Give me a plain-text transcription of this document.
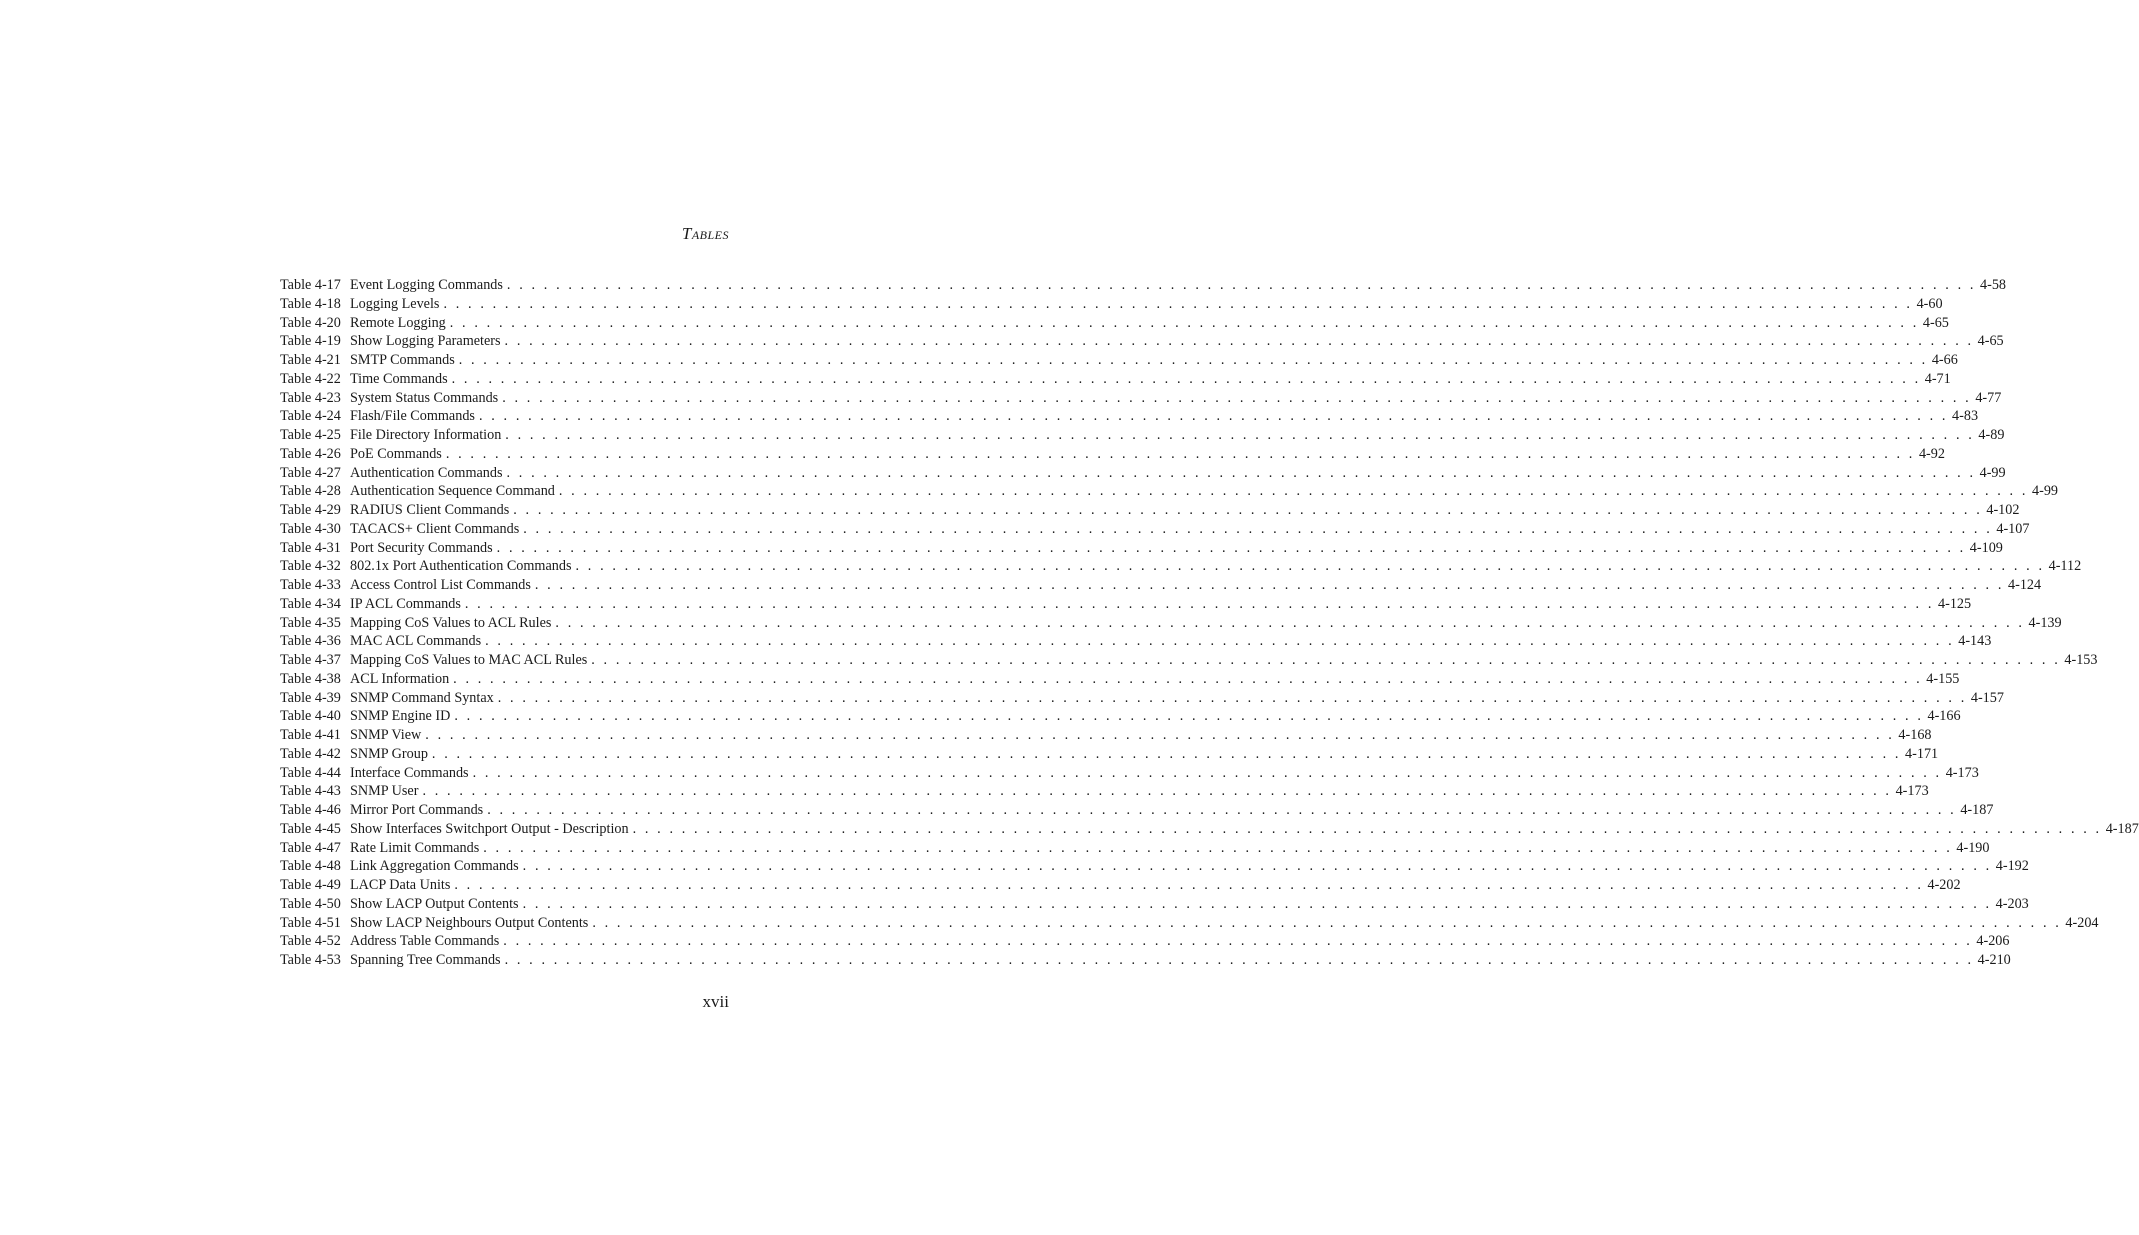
Tables
Table 4-17 Event Logging Commands . . . . . . . . . . . . . . . . . . . . . . . . . . . . . . . . . . . . . . . . . . . . . . . . . . . . . . . . . . . . . . . . . . . . . . . . . . . . . . . . . . . . . . . . . . . . . . . . . . . . . . . . . . . . . . . . . . . . . . . . 4-58
Table 4-18 Logging Levels . . . . . . . . . . . . . . . . . . . . . . . . . . . . . . . . . . . . . . . . . . . . . . . . . . . . . . . . . . . . . . . . . . . . . . . . . . . . . . . . . . . . . . . . . . . . . . . . . . . . . . . . . . . . . . . . . . . . . . . . 4-60
Table 4-20 Remote Logging . . . . . . . . . . . . . . . . . . . . . . . . . . . . . . . . . . . . . . . . . . . . . . . . . . . . . . . . . . . . . . . . . . . . . . . . . . . . . . . . . . . . . . . . . . . . . . . . . . . . . . . . . . . . . . . . . . . . . . . . 4-65
Table 4-19 Show Logging Parameters . . . . . . . . . . . . . . . . . . . . . . . . . . . . . . . . . . . . . . . . . . . . . . . . . . . . . . . . . . . . . . . . . . . . . . . . . . . . . . . . . . . . . . . . . . . . . . . . . . . . . . . . . . . . . . . . . . . . . . . . 4-65
Table 4-21 SMTP Commands . . . . . . . . . . . . . . . . . . . . . . . . . . . . . . . . . . . . . . . . . . . . . . . . . . . . . . . . . . . . . . . . . . . . . . . . . . . . . . . . . . . . . . . . . . . . . . . . . . . . . . . . . . . . . . . . . . . . . . . . 4-66
Table 4-22 Time Commands . . . . . . . . . . . . . . . . . . . . . . . . . . . . . . . . . . . . . . . . . . . . . . . . . . . . . . . . . . . . . . . . . . . . . . . . . . . . . . . . . . . . . . . . . . . . . . . . . . . . . . . . . . . . . . . . . . . . . . . . 4-71
Table 4-23 System Status Commands . . . . . . . . . . . . . . . . . . . . . . . . . . . . . . . . . . . . . . . . . . . . . . . . . . . . . . . . . . . . . . . . . . . . . . . . . . . . . . . . . . . . . . . . . . . . . . . . . . . . . . . . . . . . . . . . . . . . . . . . 4-77
Table 4-24 Flash/File Commands . . . . . . . . . . . . . . . . . . . . . . . . . . . . . . . . . . . . . . . . . . . . . . . . . . . . . . . . . . . . . . . . . . . . . . . . . . . . . . . . . . . . . . . . . . . . . . . . . . . . . . . . . . . . . . . . . . . . . . . . 4-83
Table 4-25 File Directory Information . . . . . . . . . . . . . . . . . . . . . . . . . . . . . . . . . . . . . . . . . . . . . . . . . . . . . . . . . . . . . . . . . . . . . . . . . . . . . . . . . . . . . . . . . . . . . . . . . . . . . . . . . . . . . . . . . . . . . . . . 4-89
Table 4-26 PoE Commands . . . . . . . . . . . . . . . . . . . . . . . . . . . . . . . . . . . . . . . . . . . . . . . . . . . . . . . . . . . . . . . . . . . . . . . . . . . . . . . . . . . . . . . . . . . . . . . . . . . . . . . . . . . . . . . . . . . . . . . . 4-92
Table 4-27 Authentication Commands . . . . . . . . . . . . . . . . . . . . . . . . . . . . . . . . . . . . . . . . . . . . . . . . . . . . . . . . . . . . . . . . . . . . . . . . . . . . . . . . . . . . . . . . . . . . . . . . . . . . . . . . . . . . . . . . . . . . . . . . 4-99
Table 4-28 Authentication Sequence Command . . . . . . . . . . . . . . . . . . . . . . . . . . . . . . . . . . . . . . . . . . . . . . . . . . . . . . . . . . . . . . . . . . . . . . . . . . . . . . . . . . . . . . . . . . . . . . . . . . . . . . . . . . . . . . . . . . . . . . . . 4-99
Table 4-29 RADIUS Client Commands . . . . . . . . . . . . . . . . . . . . . . . . . . . . . . . . . . . . . . . . . . . . . . . . . . . . . . . . . . . . . . . . . . . . . . . . . . . . . . . . . . . . . . . . . . . . . . . . . . . . . . . . . . . . . . . . . . . . . . . . 4-102
Table 4-30 TACACS+ Client Commands . . . . . . . . . . . . . . . . . . . . . . . . . . . . . . . . . . . . . . . . . . . . . . . . . . . . . . . . . . . . . . . . . . . . . . . . . . . . . . . . . . . . . . . . . . . . . . . . . . . . . . . . . . . . . . . . . . . . . . . . 4-107
Table 4-31 Port Security Commands . . . . . . . . . . . . . . . . . . . . . . . . . . . . . . . . . . . . . . . . . . . . . . . . . . . . . . . . . . . . . . . . . . . . . . . . . . . . . . . . . . . . . . . . . . . . . . . . . . . . . . . . . . . . . . . . . . . . . . . . 4-109
Table 4-32 802.1x Port Authentication Commands . . . . . . . . . . . . . . . . . . . . . . . . . . . . . . . . . . . . . . . . . . . . . . . . . . . . . . . . . . . . . . . . . . . . . . . . . . . . . . . . . . . . . . . . . . . . . . . . . . . . . . . . . . . . . . . . . . . . . . . . 4-112
Table 4-33 Access Control List Commands . . . . . . . . . . . . . . . . . . . . . . . . . . . . . . . . . . . . . . . . . . . . . . . . . . . . . . . . . . . . . . . . . . . . . . . . . . . . . . . . . . . . . . . . . . . . . . . . . . . . . . . . . . . . . . . . . . . . . . . . 4-124
Table 4-34 IP ACL Commands . . . . . . . . . . . . . . . . . . . . . . . . . . . . . . . . . . . . . . . . . . . . . . . . . . . . . . . . . . . . . . . . . . . . . . . . . . . . . . . . . . . . . . . . . . . . . . . . . . . . . . . . . . . . . . . . . . . . . . . . 4-125
Table 4-35 Mapping CoS Values to ACL Rules . . . . . . . . . . . . . . . . . . . . . . . . . . . . . . . . . . . . . . . . . . . . . . . . . . . . . . . . . . . . . . . . . . . . . . . . . . . . . . . . . . . . . . . . . . . . . . . . . . . . . . . . . . . . . . . . . . . . . . . . 4-139
Table 4-36 MAC ACL Commands . . . . . . . . . . . . . . . . . . . . . . . . . . . . . . . . . . . . . . . . . . . . . . . . . . . . . . . . . . . . . . . . . . . . . . . . . . . . . . . . . . . . . . . . . . . . . . . . . . . . . . . . . . . . . . . . . . . . . . . . 4-143
Table 4-37 Mapping CoS Values to MAC ACL Rules . . . . . . . . . . . . . . . . . . . . . . . . . . . . . . . . . . . . . . . . . . . . . . . . . . . . . . . . . . . . . . . . . . . . . . . . . . . . . . . . . . . . . . . . . . . . . . . . . . . . . . . . . . . . . . . . . . . . . . . . 4-153
Table 4-38 ACL Information . . . . . . . . . . . . . . . . . . . . . . . . . . . . . . . . . . . . . . . . . . . . . . . . . . . . . . . . . . . . . . . . . . . . . . . . . . . . . . . . . . . . . . . . . . . . . . . . . . . . . . . . . . . . . . . . . . . . . . . . 4-155
Table 4-39 SNMP Command Syntax . . . . . . . . . . . . . . . . . . . . . . . . . . . . . . . . . . . . . . . . . . . . . . . . . . . . . . . . . . . . . . . . . . . . . . . . . . . . . . . . . . . . . . . . . . . . . . . . . . . . . . . . . . . . . . . . . . . . . . . . 4-157
Table 4-40 SNMP Engine ID . . . . . . . . . . . . . . . . . . . . . . . . . . . . . . . . . . . . . . . . . . . . . . . . . . . . . . . . . . . . . . . . . . . . . . . . . . . . . . . . . . . . . . . . . . . . . . . . . . . . . . . . . . . . . . . . . . . . . . . . 4-166
Table 4-41 SNMP View . . . . . . . . . . . . . . . . . . . . . . . . . . . . . . . . . . . . . . . . . . . . . . . . . . . . . . . . . . . . . . . . . . . . . . . . . . . . . . . . . . . . . . . . . . . . . . . . . . . . . . . . . . . . . . . . . . . . . . . . 4-168
Table 4-42 SNMP Group . . . . . . . . . . . . . . . . . . . . . . . . . . . . . . . . . . . . . . . . . . . . . . . . . . . . . . . . . . . . . . . . . . . . . . . . . . . . . . . . . . . . . . . . . . . . . . . . . . . . . . . . . . . . . . . . . . . . . . . . 4-171
Table 4-44 Interface Commands . . . . . . . . . . . . . . . . . . . . . . . . . . . . . . . . . . . . . . . . . . . . . . . . . . . . . . . . . . . . . . . . . . . . . . . . . . . . . . . . . . . . . . . . . . . . . . . . . . . . . . . . . . . . . . . . . . . . . . . . 4-173
Table 4-43 SNMP User . . . . . . . . . . . . . . . . . . . . . . . . . . . . . . . . . . . . . . . . . . . . . . . . . . . . . . . . . . . . . . . . . . . . . . . . . . . . . . . . . . . . . . . . . . . . . . . . . . . . . . . . . . . . . . . . . . . . . . . . 4-173
Table 4-46 Mirror Port Commands . . . . . . . . . . . . . . . . . . . . . . . . . . . . . . . . . . . . . . . . . . . . . . . . . . . . . . . . . . . . . . . . . . . . . . . . . . . . . . . . . . . . . . . . . . . . . . . . . . . . . . . . . . . . . . . . . . . . . . . . 4-187
Table 4-45 Show Interfaces Switchport Output - Description . . . . . . . . . . . . . . . . . . . . . . . . . . . . . . . . . . . . . . . . . . . . . . . . . . . . . . . . . . . . . . . . . . . . . . . . . . . . . . . . . . . . . . . . . . . . . . . . . . . . . . . . . . . . . . . . . . . . . . . . 4-187
Table 4-47 Rate Limit Commands . . . . . . . . . . . . . . . . . . . . . . . . . . . . . . . . . . . . . . . . . . . . . . . . . . . . . . . . . . . . . . . . . . . . . . . . . . . . . . . . . . . . . . . . . . . . . . . . . . . . . . . . . . . . . . . . . . . . . . . . 4-190
Table 4-48 Link Aggregation Commands . . . . . . . . . . . . . . . . . . . . . . . . . . . . . . . . . . . . . . . . . . . . . . . . . . . . . . . . . . . . . . . . . . . . . . . . . . . . . . . . . . . . . . . . . . . . . . . . . . . . . . . . . . . . . . . . . . . . . . . . 4-192
Table 4-49 LACP Data Units . . . . . . . . . . . . . . . . . . . . . . . . . . . . . . . . . . . . . . . . . . . . . . . . . . . . . . . . . . . . . . . . . . . . . . . . . . . . . . . . . . . . . . . . . . . . . . . . . . . . . . . . . . . . . . . . . . . . . . . . 4-202
Table 4-50 Show LACP Output Contents . . . . . . . . . . . . . . . . . . . . . . . . . . . . . . . . . . . . . . . . . . . . . . . . . . . . . . . . . . . . . . . . . . . . . . . . . . . . . . . . . . . . . . . . . . . . . . . . . . . . . . . . . . . . . . . . . . . . . . . . 4-203
Table 4-51 Show LACP Neighbours Output Contents . . . . . . . . . . . . . . . . . . . . . . . . . . . . . . . . . . . . . . . . . . . . . . . . . . . . . . . . . . . . . . . . . . . . . . . . . . . . . . . . . . . . . . . . . . . . . . . . . . . . . . . . . . . . . . . . . . . . . . . . 4-204
Table 4-52 Address Table Commands . . . . . . . . . . . . . . . . . . . . . . . . . . . . . . . . . . . . . . . . . . . . . . . . . . . . . . . . . . . . . . . . . . . . . . . . . . . . . . . . . . . . . . . . . . . . . . . . . . . . . . . . . . . . . . . . . . . . . . . . 4-206
Table 4-53 Spanning Tree Commands . . . . . . . . . . . . . . . . . . . . . . . . . . . . . . . . . . . . . . . . . . . . . . . . . . . . . . . . . . . . . . . . . . . . . . . . . . . . . . . . . . . . . . . . . . . . . . . . . . . . . . . . . . . . . . . . . . . . . . . . 4-210
xvii
